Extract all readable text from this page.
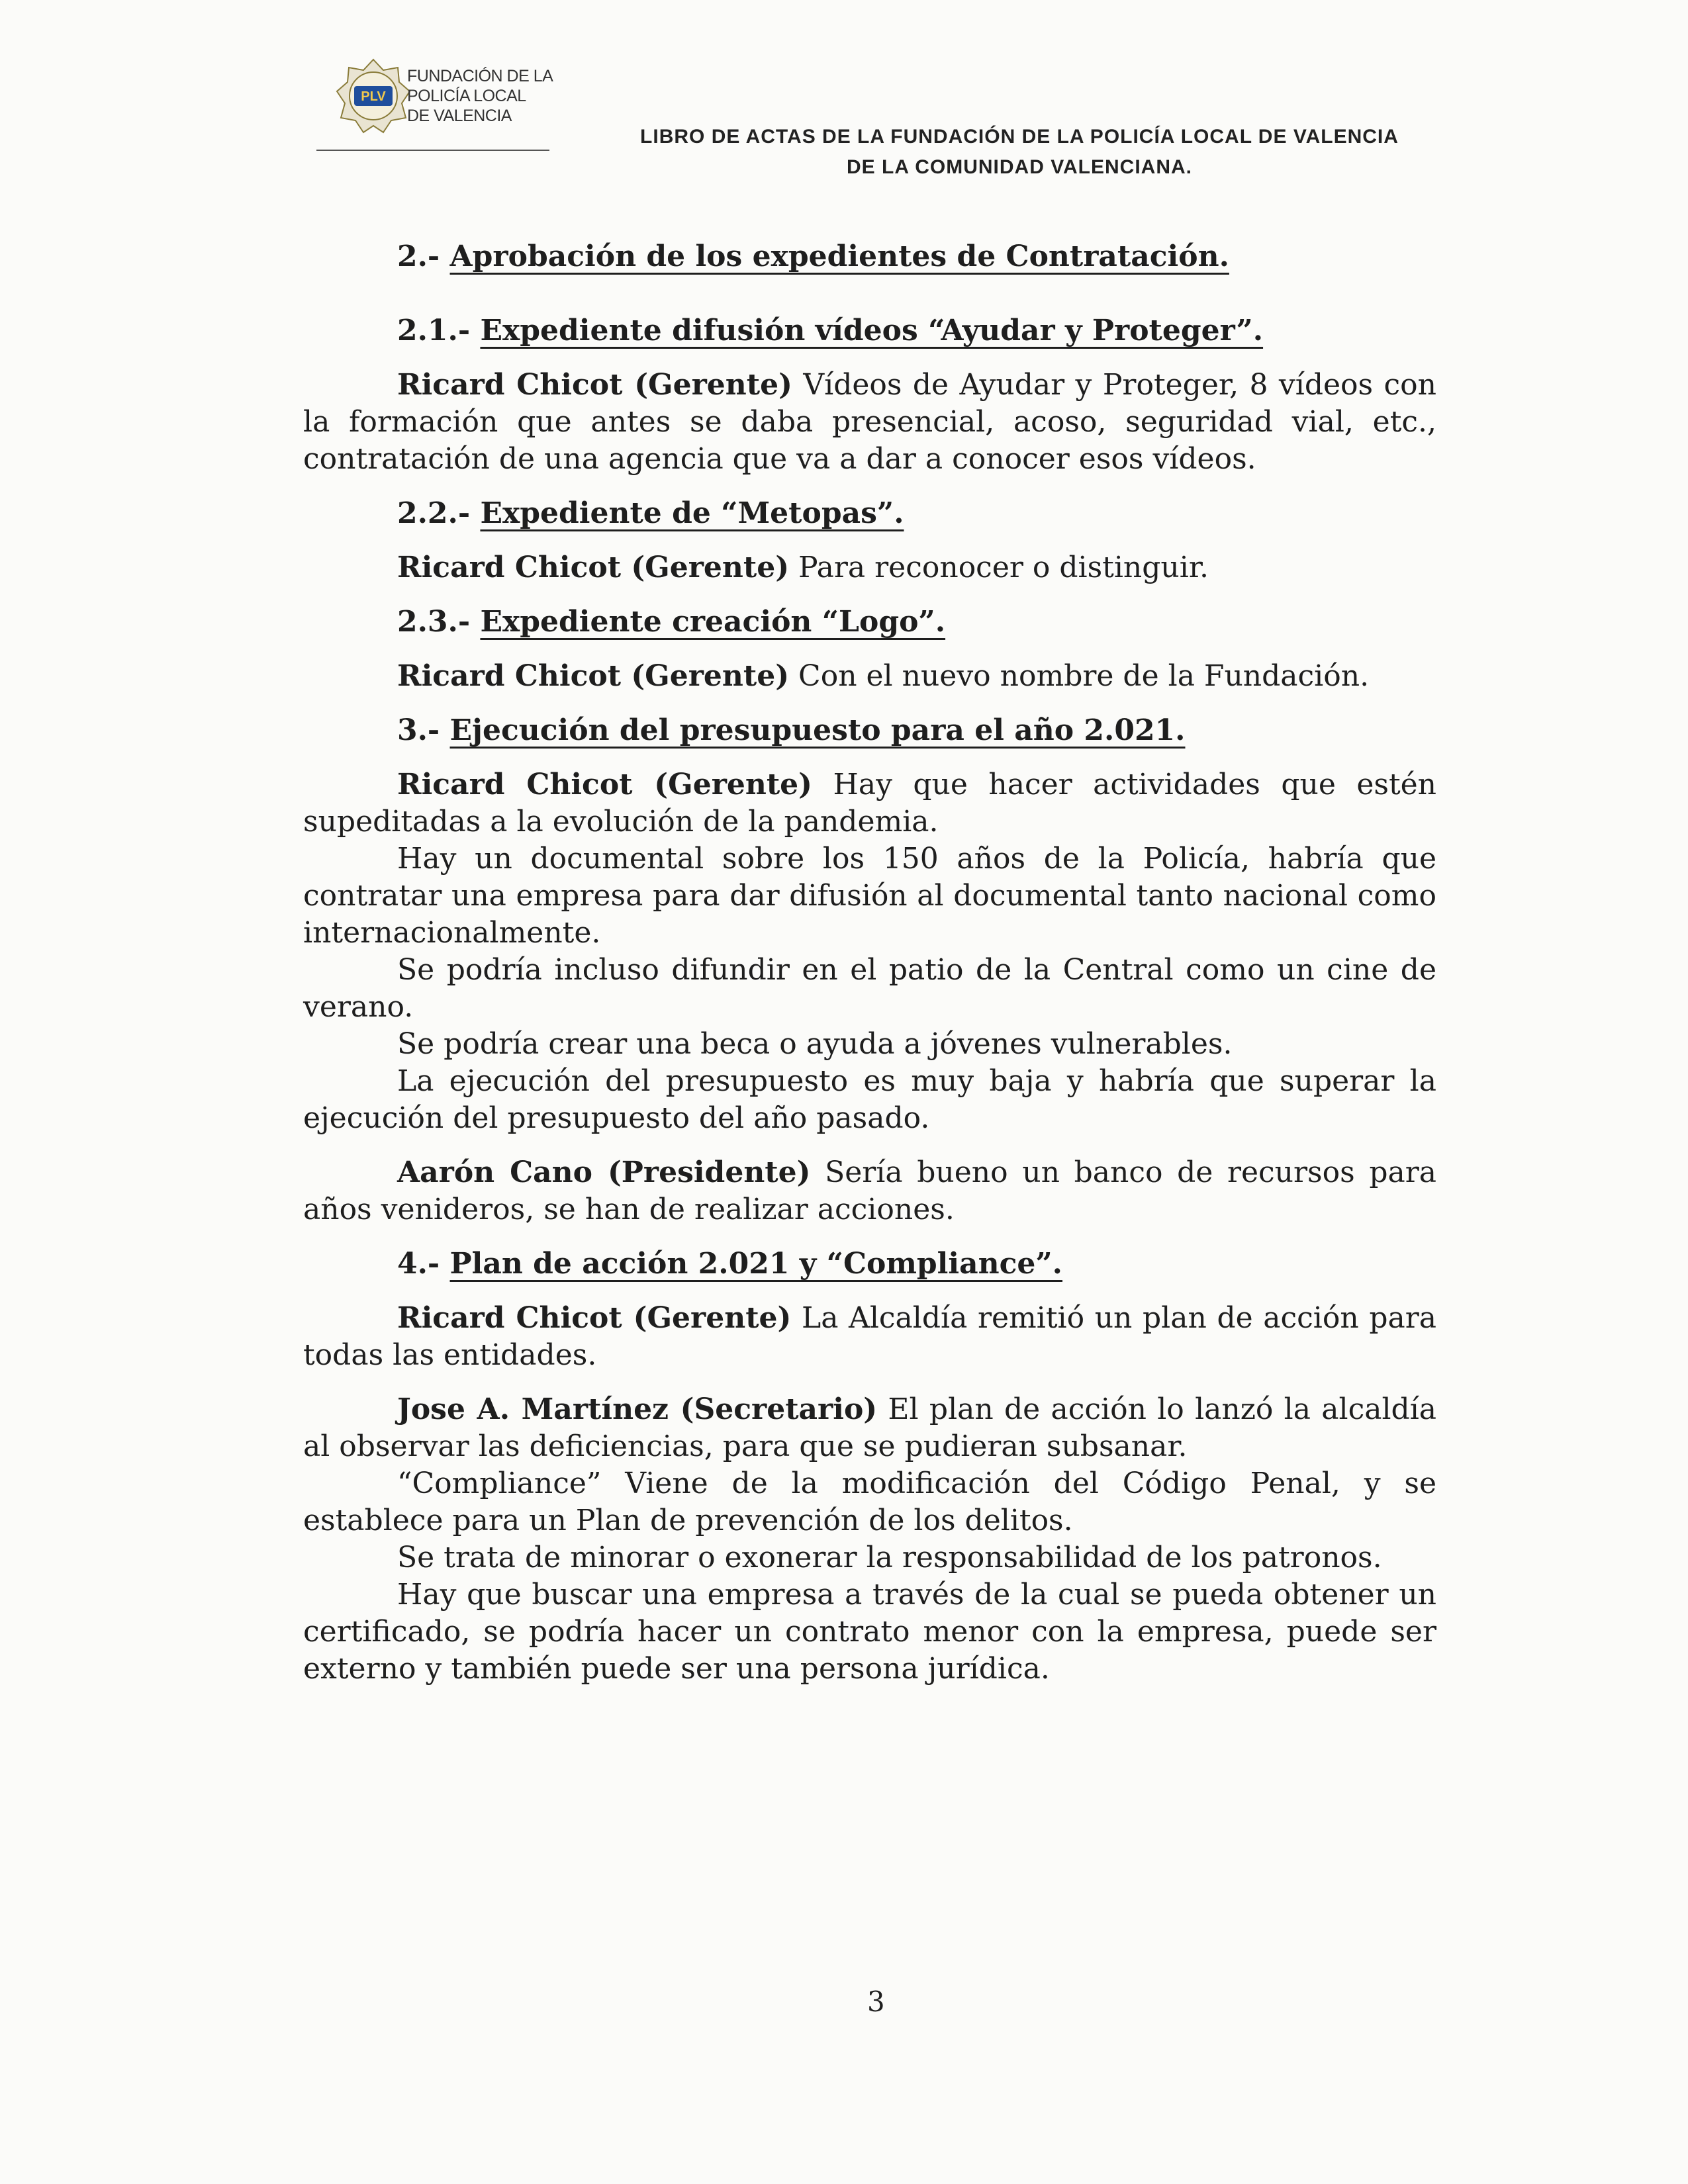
PLV
FUNDACIÓN DE LA
POLICÍA LOCAL
DE VALENCIA
LIBRO DE ACTAS DE LA FUNDACIÓN DE LA POLICÍA LOCAL DE VALENCIA
DE LA COMUNIDAD VALENCIANA.
2.- Aprobación de los expedientes de Contratación.
2.1.- Expediente difusión vídeos “Ayudar y Proteger”.

Ricard Chicot (Gerente) Vídeos de Ayudar y Proteger, 8 vídeos con la formación que antes se daba presencial, acoso, seguridad vial, etc., contratación de una agencia que va a dar a conocer esos vídeos.

2.2.- Expediente de “Metopas”.

Ricard Chicot (Gerente) Para reconocer o distinguir.

2.3.- Expediente creación “Logo”.

Ricard Chicot (Gerente) Con el nuevo nombre de la Fundación.

3.- Ejecución del presupuesto para el año 2.021.

Ricard Chicot (Gerente) Hay que hacer actividades que estén supeditadas a la evolución de la pandemia.

Hay un documental sobre los 150 años de la Policía, habría que contratar una empresa para dar difusión al documental tanto nacional como internacionalmente.

Se podría incluso difundir en el patio de la Central como un cine de verano.

Se podría crear una beca o ayuda a jóvenes vulnerables.

La ejecución del presupuesto es muy baja y habría que superar la ejecución del presupuesto del año pasado.

Aarón Cano (Presidente) Sería bueno un banco de recursos para años venideros, se han de realizar acciones.

4.- Plan de acción 2.021 y “Compliance”.

Ricard Chicot (Gerente) La Alcaldía remitió un plan de acción para todas las entidades.

Jose A. Martínez (Secretario) El plan de acción lo lanzó la alcaldía al observar las deficiencias, para que se pudieran subsanar.

“Compliance” Viene de la modificación del Código Penal, y se establece para un Plan de prevención de los delitos.

Se trata de minorar o exonerar la responsabilidad de los patronos.

Hay que buscar una empresa a través de la cual se pueda obtener un certificado, se podría hacer un contrato menor con la empresa, puede ser externo y también puede ser una persona jurídica.

3
